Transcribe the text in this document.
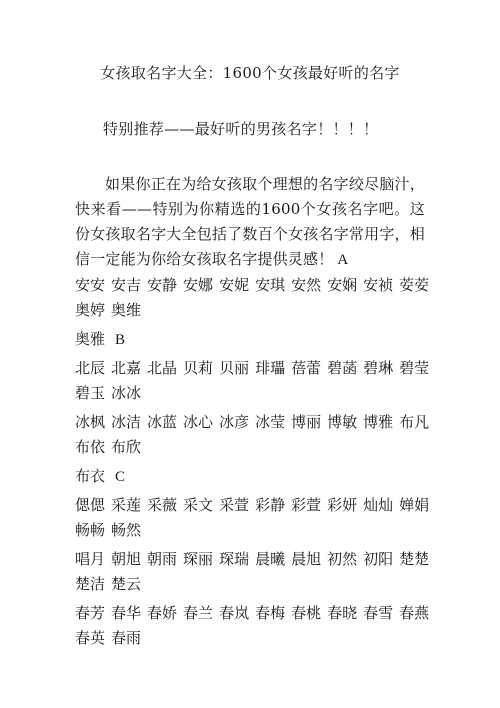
女孩取名字大全：1600个女孩最好听的名字
特别推荐——最好听的男孩名字！！！！
如果你正在为给女孩取个理想的名字绞尽脑汁，快来看——特别为你精选的1600个女孩名字吧。这份女孩取名字大全包括了数百个女孩名字常用字，相信一定能为你给女孩取名字提供灵感！ A
安安 安吉 安静 安娜 安妮 安琪 安然 安娴 安祯 荌荌
奥婷 奥维
奥雅 B
北辰 北嘉 北晶 贝莉 贝丽 琲瓃 蓓蕾 碧菡 碧琳 碧莹
碧玉 冰冰
冰枫 冰洁 冰蓝 冰心 冰彦 冰莹 博丽 博敏 博雅 布凡
布依 布欣
布衣 C
偲偲 采莲 采薇 采文 采萱 彩静 彩萱 彩妍 灿灿 婵娟
畅畅 畅然
唱月 朝旭 朝雨 琛丽 琛瑞 晨曦 晨旭 初然 初阳 楚楚
楚洁 楚云
春芳 春华 春娇 春兰 春岚 春梅 春桃 春晓 春雪 春燕
春英 春雨
